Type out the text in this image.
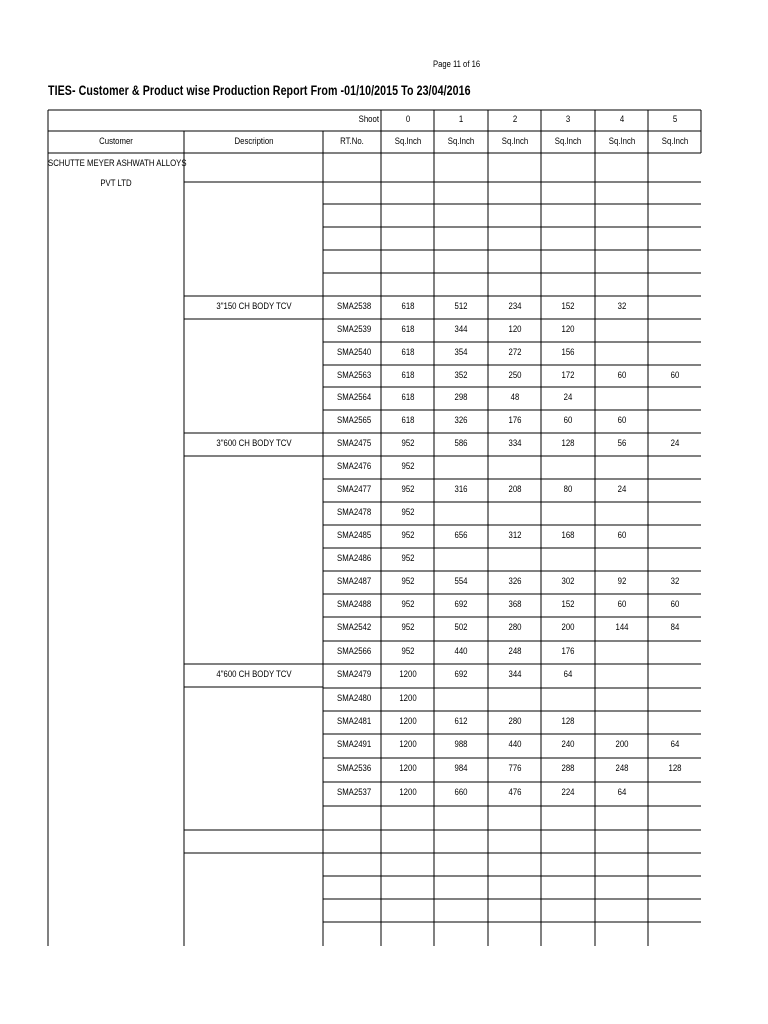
Page 11 of 16
TIES- Customer & Product wise Production Report From -01/10/2015 To 23/04/2016
Shoot	0	1	2	3	4	5
Customer	Description	RT.No.	Sq.Inch	Sq.Inch	Sq.Inch	Sq.Inch	Sq.Inch	Sq.Inch
SCHUTTE MEYER ASHWATH ALLOYS
PVT LTD
3"150 CH BODY TCV	SMA2538	618	512	234	152	32
SMA2539	618	344	120	120
SMA2540	618	354	272	156
SMA2563	618	352	250	172	60	60
SMA2564	618	298	48	24
SMA2565	618	326	176	60	60
3"600 CH BODY TCV	SMA2475	952	586	334	128	56	24
SMA2476	952
SMA2477	952	316	208	80	24
SMA2478	952
SMA2485	952	656	312	168	60
SMA2486	952
SMA2487	952	554	326	302	92	32
SMA2488	952	692	368	152	60	60
SMA2542	952	502	280	200	144	84
SMA2566	952	440	248	176
4"600 CH BODY TCV	SMA2479	1200	692	344	64
SMA2480	1200
SMA2481	1200	612	280	128
SMA2491	1200	988	440	240	200	64
SMA2536	1200	984	776	288	248	128
SMA2537	1200	660	476	224	64
